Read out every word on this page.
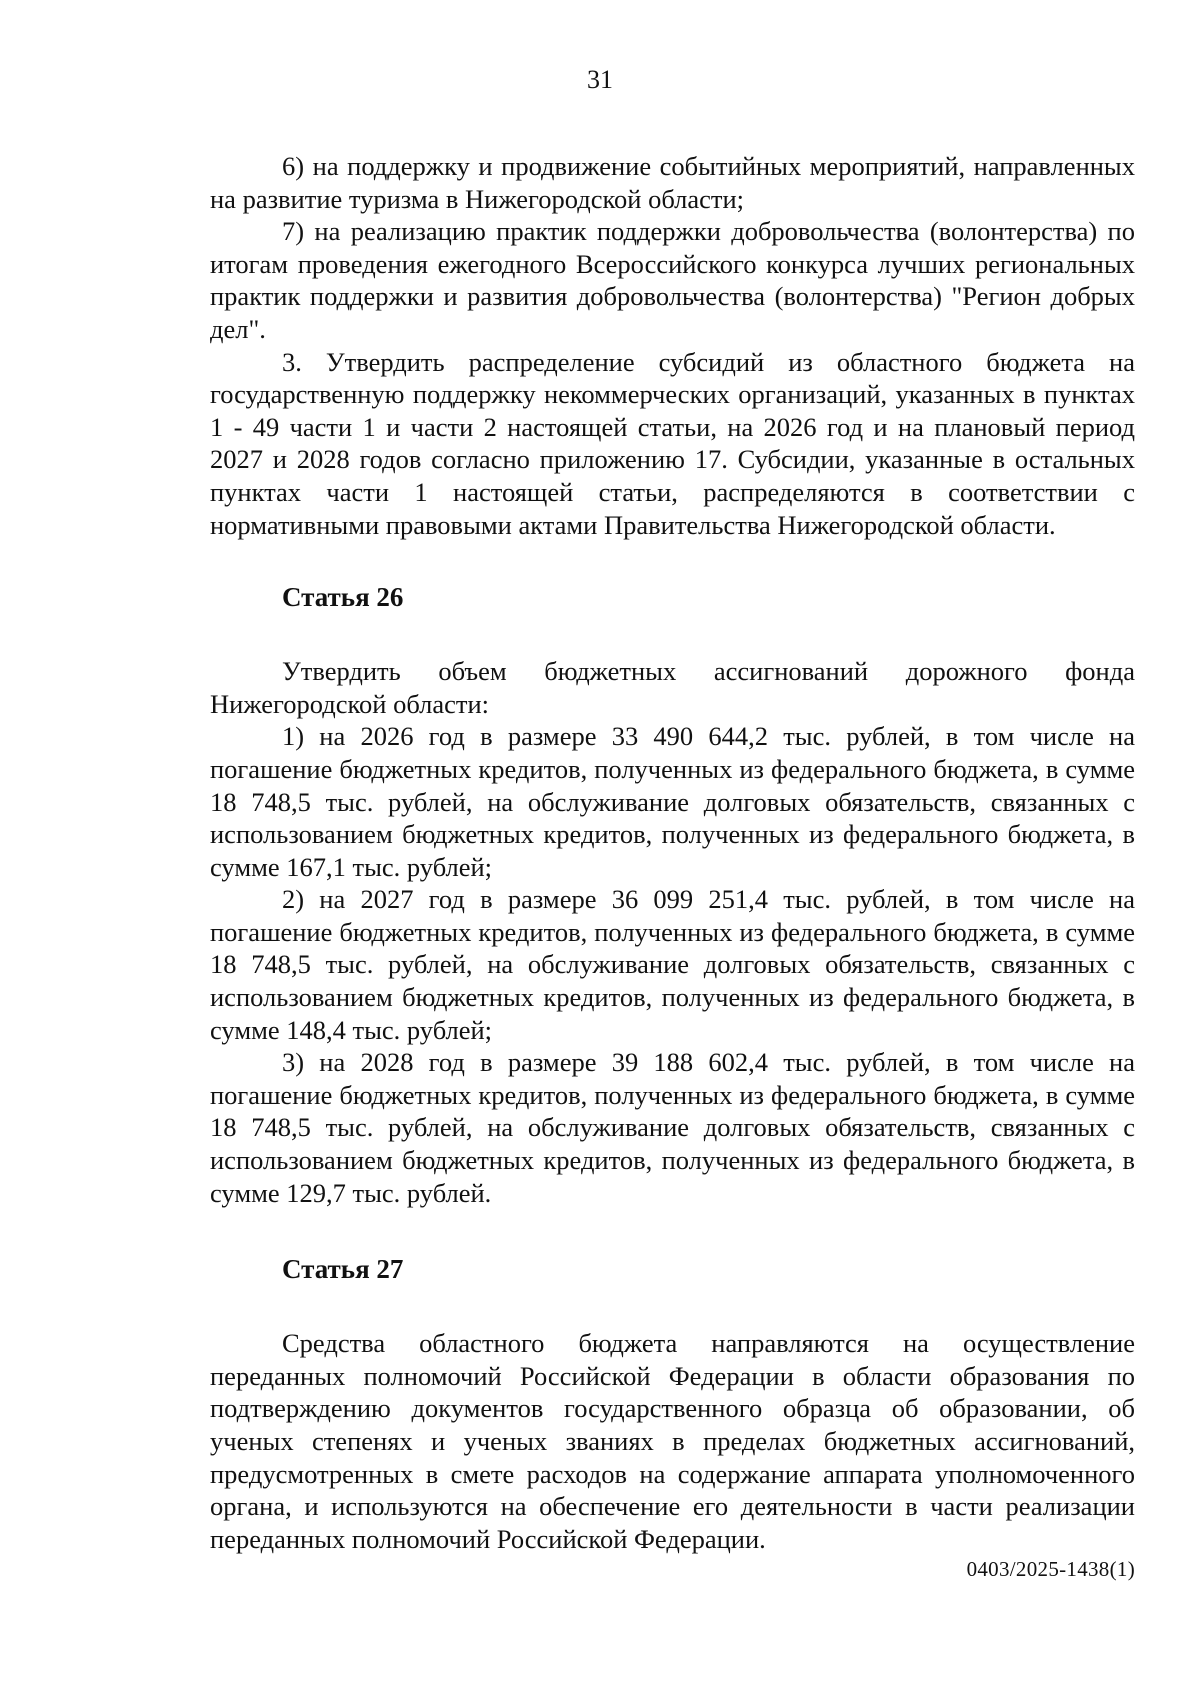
31

6) на поддержку и продвижение событийных мероприятий, направленных на развитие туризма в Нижегородской области;

7) на реализацию практик поддержки добровольчества (волонтерства) по итогам проведения ежегодного Всероссийского конкурса лучших региональных практик поддержки и развития добровольчества (волонтерства) "Регион добрых дел".

3. Утвердить распределение субсидий из областного бюджета на государственную поддержку некоммерческих организаций, указанных в пунктах 1 - 49 части 1 и части 2 настоящей статьи, на 2026 год и на плановый период 2027 и 2028 годов согласно приложению 17. Субсидии, указанные в остальных пунктах части 1 настоящей статьи, распределяются в соответствии с нормативными правовыми актами Правительства Нижегородской области.

Статья 26

Утвердить объем бюджетных ассигнований дорожного фонда Нижегородской области:

1) на 2026 год в размере 33 490 644,2 тыс. рублей, в том числе на погашение бюджетных кредитов, полученных из федерального бюджета, в сумме 18 748,5 тыс. рублей, на обслуживание долговых обязательств, связанных с использованием бюджетных кредитов, полученных из федерального бюджета, в сумме 167,1 тыс. рублей;

2) на 2027 год в размере 36 099 251,4 тыс. рублей, в том числе на погашение бюджетных кредитов, полученных из федерального бюджета, в сумме 18 748,5 тыс. рублей, на обслуживание долговых обязательств, связанных с использованием бюджетных кредитов, полученных из федерального бюджета, в сумме 148,4 тыс. рублей;

3) на 2028 год в размере 39 188 602,4 тыс. рублей, в том числе на погашение бюджетных кредитов, полученных из федерального бюджета, в сумме 18 748,5 тыс. рублей, на обслуживание долговых обязательств, связанных с использованием бюджетных кредитов, полученных из федерального бюджета, в сумме 129,7 тыс. рублей.

Статья 27

Средства областного бюджета направляются на осуществление переданных полномочий Российской Федерации в области образования по подтверждению документов государственного образца об образовании, об ученых степенях и ученых званиях в пределах бюджетных ассигнований, предусмотренных в смете расходов на содержание аппарата уполномоченного органа, и используются на обеспечение его деятельности в части реализации переданных полномочий Российской Федерации.

0403/2025-1438(1)
